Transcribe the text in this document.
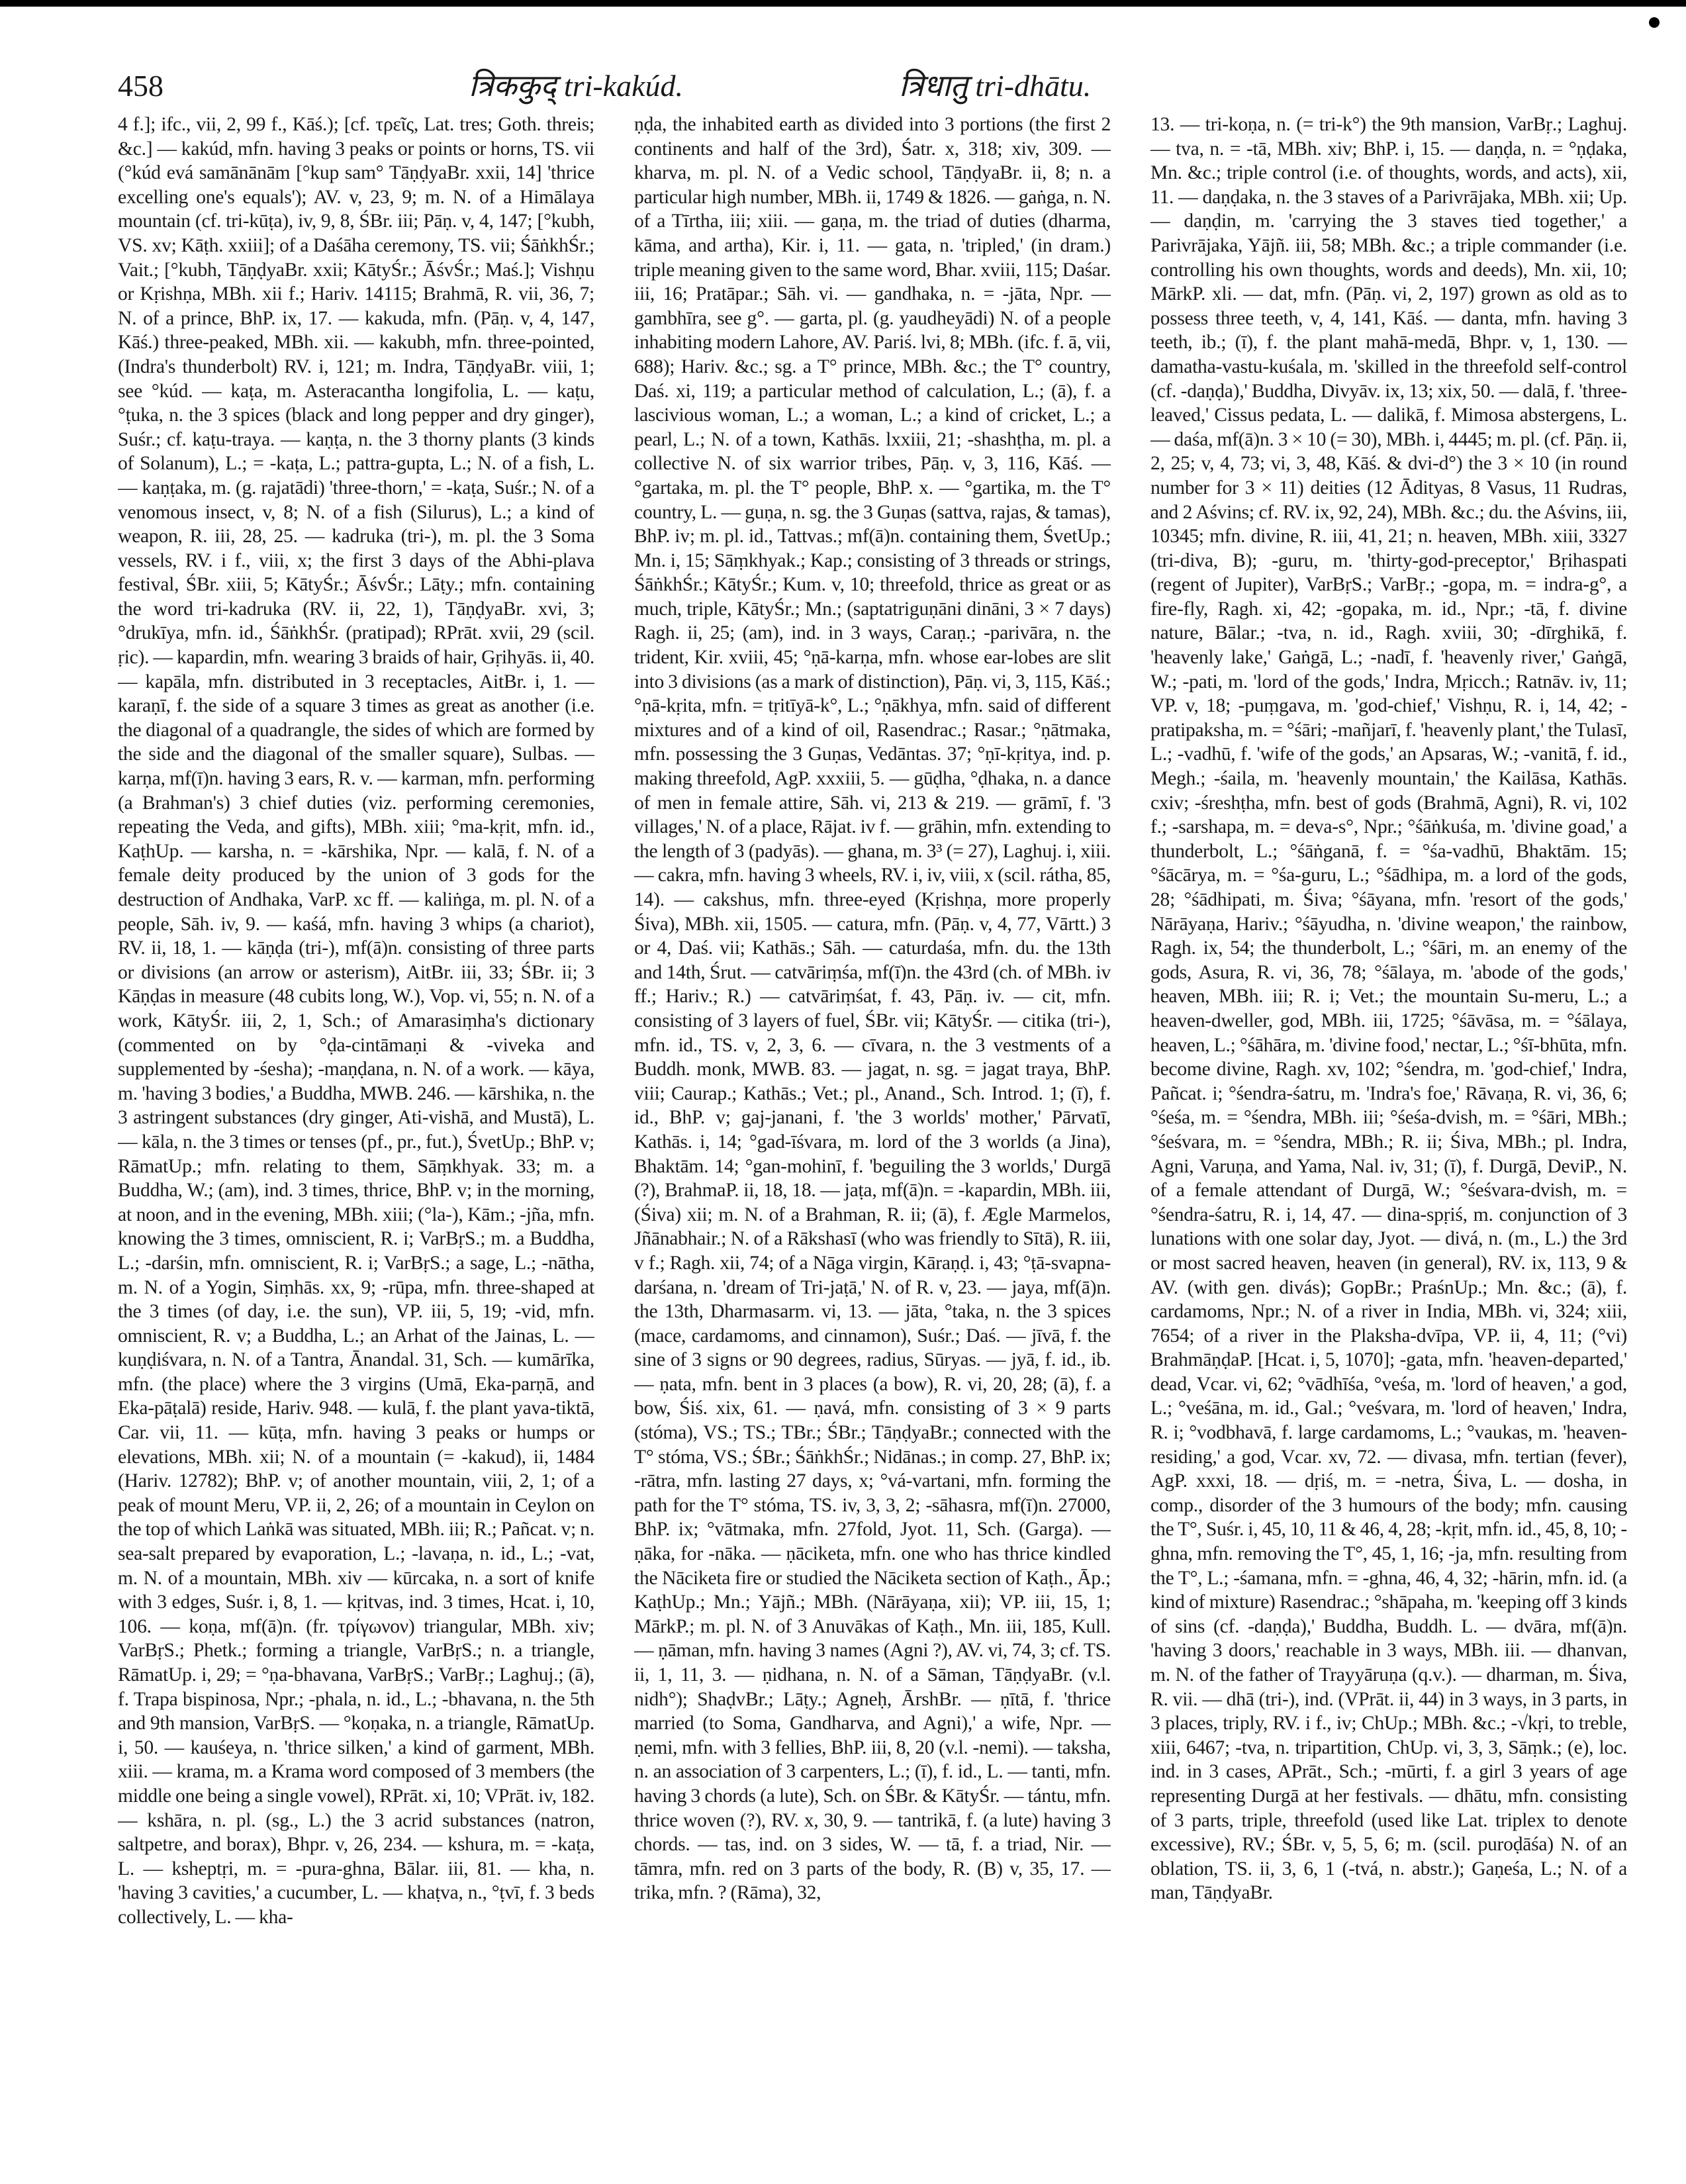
458	त्रिककुद् tri-kakúd.	त्रिधातु tri-dhātu.

4 f.]; ifc., vii, 2, 99 f., Kāś.); [cf. τρεῖς, Lat. tres; Goth. threis; &c.] — kakúd, mfn. having 3 peaks or points or horns, TS. vii (°kúd evá samānānām [°kup sam° TāṇḍyaBr. xxii, 14] 'thrice excelling one's equals'); AV. v, 23, 9; m. N. of a Himālaya mountain (cf. tri-kūṭa), iv, 9, 8, ŚBr. iii; Pāṇ. v, 4, 147; [°kubh, VS. xv; Kāṭh. xxiii]; of a Daśāha ceremony, TS. vii; ŚāṅkhŚr.; Vait.; [°kubh, TāṇḍyaBr. xxii; KātyŚr.; ĀśvŚr.; Maś.]; Vishṇu or Kṛishṇa, MBh. xii f.; Hariv. 14115; Brahmā, R. vii, 36, 7; N. of a prince, BhP. ix, 17. — kakuda, mfn. (Pāṇ. v, 4, 147, Kāś.) three-peaked, MBh. xii. — kakubh, mfn. three-pointed, (Indra's thunderbolt) RV. i, 121; m. Indra, TāṇḍyaBr. viii, 1; see °kúd. — kaṭa, m. Asteracantha longifolia, L. — kaṭu, °ṭuka, n. the 3 spices (black and long pepper and dry ginger), Suśr.; cf. kaṭu-traya. — kaṇṭa, n. the 3 thorny plants (3 kinds of Solanum), L.; = -kaṭa, L.; pattra-gupta, L.; N. of a fish, L. — kaṇṭaka, m. (g. rajatādi) 'three-thorn,' = -kaṭa, Suśr.; N. of a venomous insect, v, 8; N. of a fish (Silurus), L.; a kind of weapon, R. iii, 28, 25. — kadruka (tri-), m. pl. the 3 Soma vessels, RV. i f., viii, x; the first 3 days of the Abhi-plava festival, ŚBr. xiii, 5; KātyŚr.; ĀśvŚr.; Lāṭy.; mfn. containing the word tri-kadruka (RV. ii, 22, 1), TāṇḍyaBr. xvi, 3; °drukīya, mfn. id., ŚāṅkhŚr. (pratipad); RPrāt. xvii, 29 (scil. ṛic). — kapardin, mfn. wearing 3 braids of hair, Gṛihyās. ii, 40. — kapāla, mfn. distributed in 3 receptacles, AitBr. i, 1. — karaṇī, f. the side of a square 3 times as great as another (i.e. the diagonal of a quadrangle, the sides of which are formed by the side and the diagonal of the smaller square), Sulbas. — karṇa, mf(ī)n. having 3 ears, R. v. — karman, mfn. performing (a Brahman's) 3 chief duties (viz. performing ceremonies, repeating the Veda, and gifts), MBh. xiii; °ma-kṛit, mfn. id., KaṭhUp. — karsha, n. = -kārshika, Npr. — kalā, f. N. of a female deity produced by the union of 3 gods for the destruction of Andhaka, VarP. xc ff. — kaliṅga, m. pl. N. of a people, Sāh. iv, 9. — kaśá, mfn. having 3 whips (a chariot), RV. ii, 18, 1. — kāṇḍa (tri-), mf(ā)n. consisting of three parts or divisions (an arrow or asterism), AitBr. iii, 33; ŚBr. ii; 3 Kāṇḍas in measure (48 cubits long, W.), Vop. vi, 55; n. N. of a work, KātyŚr. iii, 2, 1, Sch.; of Amarasiṃha's dictionary (commented on by °ḍa-cintāmaṇi & -viveka and supplemented by -śesha); -maṇḍana, n. N. of a work. — kāya, m. 'having 3 bodies,' a Buddha, MWB. 246. — kārshika, n. the 3 astringent substances (dry ginger, Ati-vishā, and Mustā), L. — kāla, n. the 3 times or tenses (pf., pr., fut.), ŚvetUp.; BhP. v; RāmatUp.; mfn. relating to them, Sāṃkhyak. 33; m. a Buddha, W.; (am), ind. 3 times, thrice, BhP. v; in the morning, at noon, and in the evening, MBh. xiii; (°la-), Kām.; -jña, mfn. knowing the 3 times, omniscient, R. i; VarBṛS.; m. a Buddha, L.; -darśin, mfn. omniscient, R. i; VarBṛS.; a sage, L.; -nātha, m. N. of a Yogin, Siṃhās. xx, 9; -rūpa, mfn. three-shaped at the 3 times (of day, i.e. the sun), VP. iii, 5, 19; -vid, mfn. omniscient, R. v; a Buddha, L.; an Arhat of the Jainas, L. — kuṇḍiśvara, n. N. of a Tantra, Ānandal. 31, Sch. — kumārīka, mfn. (the place) where the 3 virgins (Umā, Eka-parṇā, and Eka-pāṭalā) reside, Hariv. 948. — kulā, f. the plant yava-tiktā, Car. vii, 11. — kūṭa, mfn. having 3 peaks or humps or elevations, MBh. xii; N. of a mountain (= -kakud), ii, 1484 (Hariv. 12782); BhP. v; of another mountain, viii, 2, 1; of a peak of mount Meru, VP. ii, 2, 26; of a mountain in Ceylon on the top of which Laṅkā was situated, MBh. iii; R.; Pañcat. v; n. sea-salt prepared by evaporation, L.; -lavaṇa, n. id., L.; -vat, m. N. of a mountain, MBh. xiv — kūrcaka, n. a sort of knife with 3 edges, Suśr. i, 8, 1. — kṛitvas, ind. 3 times, Hcat. i, 10, 106. — koṇa, mf(ā)n. (fr. τρίγωνον) triangular, MBh. xiv; VarBṛS.; Phetk.; forming a triangle, VarBṛS.; n. a triangle, RāmatUp. i, 29; = °ṇa-bhavana, VarBṛS.; VarBṛ.; Laghuj.; (ā), f. Trapa bispinosa, Npr.; -phala, n. id., L.; -bhavana, n. the 5th and 9th mansion, VarBṛS. — °koṇaka, n. a triangle, RāmatUp. i, 50. — kauśeya, n. 'thrice silken,' a kind of garment, MBh. xiii. — krama, m. a Krama word composed of 3 members (the middle one being a single vowel), RPrāt. xi, 10; VPrāt. iv, 182. — kshāra, n. pl. (sg., L.) the 3 acrid substances (natron, saltpetre, and borax), Bhpr. v, 26, 234. — kshura, m. = -kaṭa, L. — ksheptṛi, m. = -pura-ghna, Bālar. iii, 81. — kha, n. 'having 3 cavities,' a cucumber, L. — khaṭva, n., °ṭvī, f. 3 beds collectively, L. — kha-

ṇḍa, the inhabited earth as divided into 3 portions (the first 2 continents and half of the 3rd), Śatr. x, 318; xiv, 309. — kharva, m. pl. N. of a Vedic school, TāṇḍyaBr. ii, 8; n. a particular high number, MBh. ii, 1749 & 1826. — gaṅga, n. N. of a Tīrtha, iii; xiii. — gaṇa, m. the triad of duties (dharma, kāma, and artha), Kir. i, 11. — gata, n. 'tripled,' (in dram.) triple meaning given to the same word, Bhar. xviii, 115; Daśar. iii, 16; Pratāpar.; Sāh. vi. — gandhaka, n. = -jāta, Npr. — gambhīra, see g°. — garta, pl. (g. yaudheyādi) N. of a people inhabiting modern Lahore, AV. Pariś. lvi, 8; MBh. (ifc. f. ā, vii, 688); Hariv. &c.; sg. a T° prince, MBh. &c.; the T° country, Daś. xi, 119; a particular method of calculation, L.; (ā), f. a lascivious woman, L.; a woman, L.; a kind of cricket, L.; a pearl, L.; N. of a town, Kathās. lxxiii, 21; -shashṭha, m. pl. a collective N. of six warrior tribes, Pāṇ. v, 3, 116, Kāś. — °gartaka, m. pl. the T° people, BhP. x. — °gartika, m. the T° country, L. — guṇa, n. sg. the 3 Guṇas (sattva, rajas, & tamas), BhP. iv; m. pl. id., Tattvas.; mf(ā)n. containing them, ŚvetUp.; Mn. i, 15; Sāṃkhyak.; Kap.; consisting of 3 threads or strings, ŚāṅkhŚr.; KātyŚr.; Kum. v, 10; threefold, thrice as great or as much, triple, KātyŚr.; Mn.; (saptatriguṇāni dināni, 3 × 7 days) Ragh. ii, 25; (am), ind. in 3 ways, Caraṇ.; -parivāra, n. the trident, Kir. xviii, 45; °ṇā-karṇa, mfn. whose ear-lobes are slit into 3 divisions (as a mark of distinction), Pāṇ. vi, 3, 115, Kāś.; °ṇā-kṛita, mfn. = tṛitīyā-k°, L.; °ṇākhya, mfn. said of different mixtures and of a kind of oil, Rasendrac.; Rasar.; °ṇātmaka, mfn. possessing the 3 Guṇas, Vedāntas. 37; °ṇī-kṛitya, ind. p. making threefold, AgP. xxxiii, 5. — gūḍha, °ḍhaka, n. a dance of men in female attire, Sāh. vi, 213 & 219. — grāmī, f. '3 villages,' N. of a place, Rājat. iv f. — grāhin, mfn. extending to the length of 3 (padyās). — ghana, m. 3³ (= 27), Laghuj. i, xiii. — cakra, mfn. having 3 wheels, RV. i, iv, viii, x (scil. rátha, 85, 14). — cakshus, mfn. three-eyed (Kṛishṇa, more properly Śiva), MBh. xii, 1505. — catura, mfn. (Pāṇ. v, 4, 77, Vārtt.) 3 or 4, Daś. vii; Kathās.; Sāh. — caturdaśa, mfn. du. the 13th and 14th, Śrut. — catvāriṃśa, mf(ī)n. the 43rd (ch. of MBh. iv ff.; Hariv.; R.) — catvāriṃśat, f. 43, Pāṇ. iv. — cit, mfn. consisting of 3 layers of fuel, ŚBr. vii; KātyŚr. — citika (tri-), mfn. id., TS. v, 2, 3, 6. — cīvara, n. the 3 vestments of a Buddh. monk, MWB. 83. — jagat, n. sg. = jagat traya, BhP. viii; Caurap.; Kathās.; Vet.; pl., Anand., Sch. Introd. 1; (ī), f. id., BhP. v; gaj-janani, f. 'the 3 worlds' mother,' Pārvatī, Kathās. i, 14; °gad-īśvara, m. lord of the 3 worlds (a Jina), Bhaktām. 14; °gan-mohinī, f. 'beguiling the 3 worlds,' Durgā (?), BrahmaP. ii, 18, 18. — jaṭa, mf(ā)n. = -kapardin, MBh. iii, (Śiva) xii; m. N. of a Brahman, R. ii; (ā), f. Ægle Marmelos, Jñānabhair.; N. of a Rākshasī (who was friendly to Sītā), R. iii, v f.; Ragh. xii, 74; of a Nāga virgin, Kāraṇḍ. i, 43; °ṭā-svapna-darśana, n. 'dream of Tri-jaṭā,' N. of R. v, 23. — jaya, mf(ā)n. the 13th, Dharmasarm. vi, 13. — jāta, °taka, n. the 3 spices (mace, cardamoms, and cinnamon), Suśr.; Daś. — jīvā, f. the sine of 3 signs or 90 degrees, radius, Sūryas. — jyā, f. id., ib. — ṇata, mfn. bent in 3 places (a bow), R. vi, 20, 28; (ā), f. a bow, Śiś. xix, 61. — ṇavá, mfn. consisting of 3 × 9 parts (stóma), VS.; TS.; TBr.; ŚBr.; TāṇḍyaBr.; connected with the T° stóma, VS.; ŚBr.; ŚāṅkhŚr.; Nidānas.; in comp. 27, BhP. ix; -rātra, mfn. lasting 27 days, x; °vá-vartani, mfn. forming the path for the T° stóma, TS. iv, 3, 3, 2; -sāhasra, mf(ī)n. 27000, BhP. ix; °vātmaka, mfn. 27fold, Jyot. 11, Sch. (Garga). — ṇāka, for -nāka. — ṇāciketa, mfn. one who has thrice kindled the Nāciketa fire or studied the Nāciketa section of Kaṭh., Āp.; KaṭhUp.; Mn.; Yājñ.; MBh. (Nārāyaṇa, xii); VP. iii, 15, 1; MārkP.; m. pl. N. of 3 Anuvākas of Kaṭh., Mn. iii, 185, Kull. — ṇāman, mfn. having 3 names (Agni ?), AV. vi, 74, 3; cf. TS. ii, 1, 11, 3. — ṇidhana, n. N. of a Sāman, TāṇḍyaBr. (v.l. nidh°); ShaḍvBr.; Lāṭy.; Agneḥ, ĀrshBr. — ṇītā, f. 'thrice married (to Soma, Gandharva, and Agni),' a wife, Npr. — ṇemi, mfn. with 3 fellies, BhP. iii, 8, 20 (v.l. -nemi). — taksha, n. an association of 3 carpenters, L.; (ī), f. id., L. — tanti, mfn. having 3 chords (a lute), Sch. on ŚBr. & KātyŚr. — tántu, mfn. thrice woven (?), RV. x, 30, 9. — tantrikā, f. (a lute) having 3 chords. — tas, ind. on 3 sides, W. — tā, f. a triad, Nir. — tāmra, mfn. red on 3 parts of the body, R. (B) v, 35, 17. — trika, mfn. ? (Rāma), 32,

13. — tri-koṇa, n. (= tri-k°) the 9th mansion, VarBṛ.; Laghuj. — tva, n. = -tā, MBh. xiv; BhP. i, 15. — daṇḍa, n. = °ṇḍaka, Mn. &c.; triple control (i.e. of thoughts, words, and acts), xii, 11. — daṇḍaka, n. the 3 staves of a Parivrājaka, MBh. xii; Up. — daṇḍin, m. 'carrying the 3 staves tied together,' a Parivrājaka, Yājñ. iii, 58; MBh. &c.; a triple commander (i.e. controlling his own thoughts, words and deeds), Mn. xii, 10; MārkP. xli. — dat, mfn. (Pāṇ. vi, 2, 197) grown as old as to possess three teeth, v, 4, 141, Kāś. — danta, mfn. having 3 teeth, ib.; (ī), f. the plant mahā-medā, Bhpr. v, 1, 130. — damatha-vastu-kuśala, m. 'skilled in the threefold self-control (cf. -daṇḍa),' Buddha, Divyāv. ix, 13; xix, 50. — dalā, f. 'three-leaved,' Cissus pedata, L. — dalikā, f. Mimosa abstergens, L. — daśa, mf(ā)n. 3 × 10 (= 30), MBh. i, 4445; m. pl. (cf. Pāṇ. ii, 2, 25; v, 4, 73; vi, 3, 48, Kāś. & dvi-d°) the 3 × 10 (in round number for 3 × 11) deities (12 Ādityas, 8 Vasus, 11 Rudras, and 2 Aśvins; cf. RV. ix, 92, 24), MBh. &c.; du. the Aśvins, iii, 10345; mfn. divine, R. iii, 41, 21; n. heaven, MBh. xiii, 3327 (tri-diva, B); -guru, m. 'thirty-god-preceptor,' Bṛihaspati (regent of Jupiter), VarBṛS.; VarBṛ.; -gopa, m. = indra-g°, a fire-fly, Ragh. xi, 42; -gopaka, m. id., Npr.; -tā, f. divine nature, Bālar.; -tva, n. id., Ragh. xviii, 30; -dīrghikā, f. 'heavenly lake,' Gaṅgā, L.; -nadī, f. 'heavenly river,' Gaṅgā, W.; -pati, m. 'lord of the gods,' Indra, Mṛicch.; Ratnāv. iv, 11; VP. v, 18; -puṃgava, m. 'god-chief,' Vishṇu, R. i, 14, 42; -pratipaksha, m. = °śāri; -mañjarī, f. 'heavenly plant,' the Tulasī, L.; -vadhū, f. 'wife of the gods,' an Apsaras, W.; -vanitā, f. id., Megh.; -śaila, m. 'heavenly mountain,' the Kailāsa, Kathās. cxiv; -śreshṭha, mfn. best of gods (Brahmā, Agni), R. vi, 102 f.; -sarshapa, m. = deva-s°, Npr.; °śāṅkuśa, m. 'divine goad,' a thunderbolt, L.; °śāṅganā, f. = °śa-vadhū, Bhaktām. 15; °śācārya, m. = °śa-guru, L.; °śādhipa, m. a lord of the gods, 28; °śādhipati, m. Śiva; °śāyana, mfn. 'resort of the gods,' Nārāyaṇa, Hariv.; °śāyudha, n. 'divine weapon,' the rainbow, Ragh. ix, 54; the thunderbolt, L.; °śāri, m. an enemy of the gods, Asura, R. vi, 36, 78; °śālaya, m. 'abode of the gods,' heaven, MBh. iii; R. i; Vet.; the mountain Su-meru, L.; a heaven-dweller, god, MBh. iii, 1725; °śāvāsa, m. = °śālaya, heaven, L.; °śāhāra, m. 'divine food,' nectar, L.; °śī-bhūta, mfn. become divine, Ragh. xv, 102; °śendra, m. 'god-chief,' Indra, Pañcat. i; °śendra-śatru, m. 'Indra's foe,' Rāvaṇa, R. vi, 36, 6; °śeśa, m. = °śendra, MBh. iii; °śeśa-dvish, m. = °śāri, MBh.; °śeśvara, m. = °śendra, MBh.; R. ii; Śiva, MBh.; pl. Indra, Agni, Varuṇa, and Yama, Nal. iv, 31; (ī), f. Durgā, DeviP., N. of a female attendant of Durgā, W.; °śeśvara-dvish, m. = °śendra-śatru, R. i, 14, 47. — dina-spṛiś, m. conjunction of 3 lunations with one solar day, Jyot. — divá, n. (m., L.) the 3rd or most sacred heaven, heaven (in general), RV. ix, 113, 9 & AV. (with gen. divás); GopBr.; PraśnUp.; Mn. &c.; (ā), f. cardamoms, Npr.; N. of a river in India, MBh. vi, 324; xiii, 7654; of a river in the Plaksha-dvīpa, VP. ii, 4, 11; (°vi) BrahmāṇḍaP. [Hcat. i, 5, 1070]; -gata, mfn. 'heaven-departed,' dead, Vcar. vi, 62; °vādhīśa, °veśa, m. 'lord of heaven,' a god, L.; °veśāna, m. id., Gal.; °veśvara, m. 'lord of heaven,' Indra, R. i; °vodbhavā, f. large cardamoms, L.; °vaukas, m. 'heaven-residing,' a god, Vcar. xv, 72. — divasa, mfn. tertian (fever), AgP. xxxi, 18. — dṛiś, m. = -netra, Śiva, L. — dosha, in comp., disorder of the 3 humours of the body; mfn. causing the T°, Suśr. i, 45, 10, 11 & 46, 4, 28; -kṛit, mfn. id., 45, 8, 10; -ghna, mfn. removing the T°, 45, 1, 16; -ja, mfn. resulting from the T°, L.; -śamana, mfn. = -ghna, 46, 4, 32; -hārin, mfn. id. (a kind of mixture) Rasendrac.; °shāpaha, m. 'keeping off 3 kinds of sins (cf. -daṇḍa),' Buddha, Buddh. L. — dvāra, mf(ā)n. 'having 3 doors,' reachable in 3 ways, MBh. iii. — dhanvan, m. N. of the father of Trayyāruṇa (q.v.). — dharman, m. Śiva, R. vii. — dhā (tri-), ind. (VPrāt. ii, 44) in 3 ways, in 3 parts, in 3 places, triply, RV. i f., iv; ChUp.; MBh. &c.; -√kṛi, to treble, xiii, 6467; -tva, n. tripartition, ChUp. vi, 3, 3, Sāṃk.; (e), loc. ind. in 3 cases, APrāt., Sch.; -mūrti, f. a girl 3 years of age representing Durgā at her festivals. — dhātu, mfn. consisting of 3 parts, triple, threefold (used like Lat. triplex to denote excessive), RV.; ŚBr. v, 5, 5, 6; m. (scil. puroḍāśa) N. of an oblation, TS. ii, 3, 6, 1 (-tvá, n. abstr.); Gaṇeśa, L.; N. of a man, TāṇḍyaBr.
